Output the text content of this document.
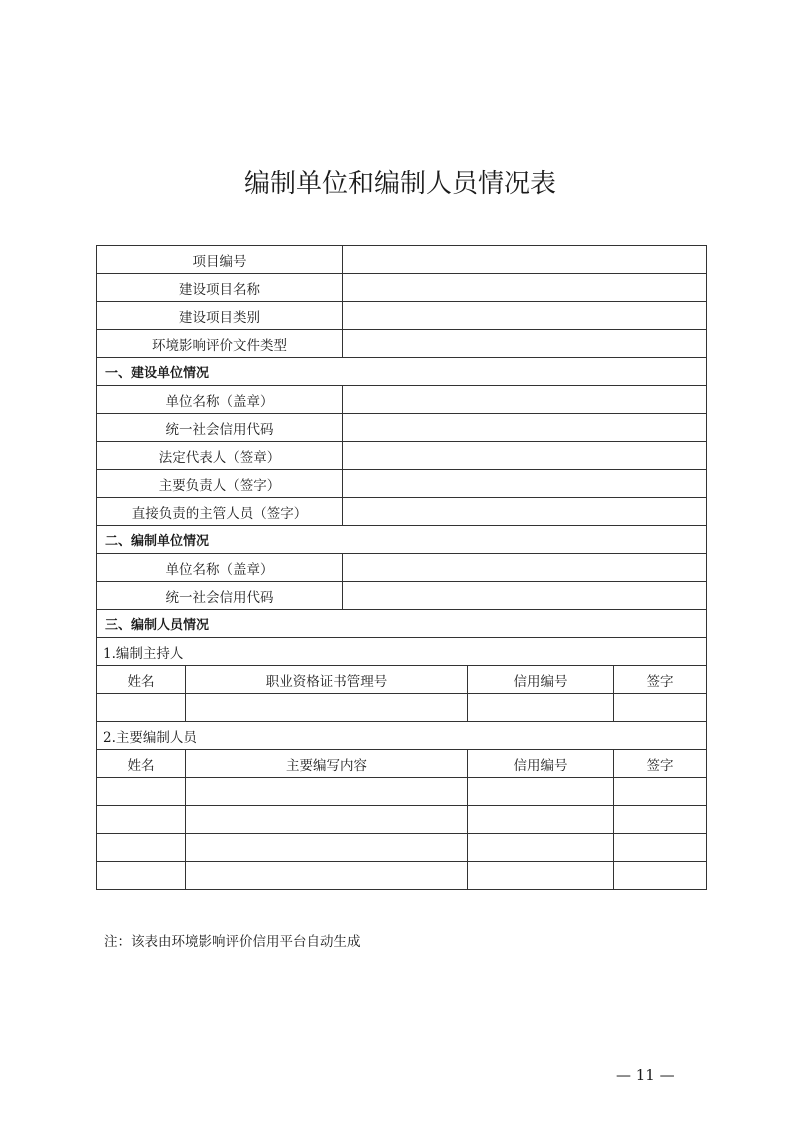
编制单位和编制人员情况表
项目编号				
建设项目名称				
建设项目类别				
环境影响评价文件类型				
一、建设单位情况				
单位名称（盖章）				
统一社会信用代码				
法定代表人（签章）				
主要负责人（签字）				
直接负责的主管人员（签字）				
二、编制单位情况				
单位名称（盖章）				
统一社会信用代码				
三、编制人员情况				
1.编制主持人				
姓名	职业资格证书管理号		信用编号	签字

2.主要编制人员				
姓名	主要编写内容		信用编号	签字

注：该表由环境影响评价信用平台自动生成

— 11 —
